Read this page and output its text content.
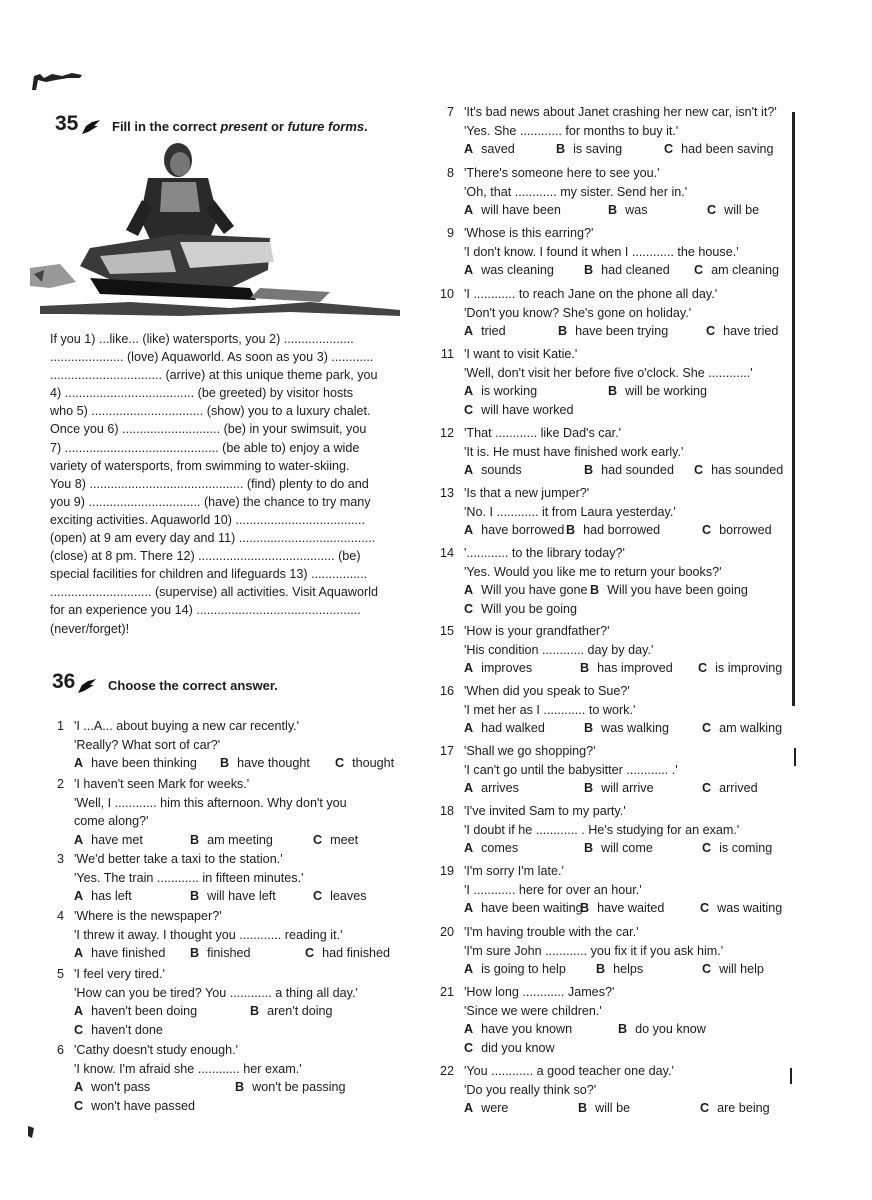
35	Fill in the correct present or future forms.
If you 1) ...like... (like) watersports, you 2) ....................
..................... (love) Aquaworld. As soon as you 3) ............
................................ (arrive) at this unique theme park, you
4) ..................................... (be greeted) by visitor hosts
who 5) ................................ (show) you to a luxury chalet.
Once you 6) ............................ (be) in your swimsuit, you
7) ............................................ (be able to) enjoy a wide
variety of watersports, from swimming to water-skiing.
You 8) ............................................ (find) plenty to do and
you 9) ................................ (have) the chance to try many
exciting activities. Aquaworld 10) .....................................
(open) at 9 am every day and 11) .......................................
(close) at 8 pm. There 12) ....................................... (be)
special facilities for children and lifeguards 13) ................
............................. (supervise) all activities. Visit Aquaworld
for an experience you 14) ...............................................
(never/forget)!
36	Choose the correct answer.
1 'I ...A... about buying a new car recently.'
'Really? What sort of car?'
A have been thinking B have thought C thought
2 'I haven't seen Mark for weeks.'
'Well, I ............ him this afternoon. Why don't you
come along?'
A have met	B am meeting	C meet
3 'We'd better take a taxi to the station.'
'Yes. The train ............ in fifteen minutes.'
A has left	B will have left	C leaves
4 'Where is the newspaper?'
'I threw it away. I thought you ............ reading it.'
A have finished B finished	C had finished
5 'I feel very tired.'
'How can you be tired? You ............ a thing all day.'
A haven't been doing	B aren't doing
C haven't done
6 'Cathy doesn't study enough.'
'I know. I'm afraid she ............ her exam.'
A won't pass	B won't be passing
C won't have passed
7 'It's bad news about Janet crashing her new car, isn't it?'
'Yes. She ............ for months to buy it.'
A saved	B is saving	C had been saving
8 'There's someone here to see you.'
'Oh, that ............ my sister. Send her in.'
A will have been	B was	C will be
9 'Whose is this earring?'
'I don't know. I found it when I ............ the house.'
A was cleaning B had cleaned C am cleaning
10 'I ............ to reach Jane on the phone all day.'
'Don't you know? She's gone on holiday.'
A tried	B have been trying	C have tried
11 'I want to visit Katie.'
'Well, don't visit her before five o'clock. She ............'
A is working	B will be working
C will have worked
12 'That ............ like Dad's car.'
'It is. He must have finished work early.'
A sounds	B had sounded C has sounded
13 'Is that a new jumper?'
'No. I ............ it from Laura yesterday.'
A have borrowed B had borrowed	C borrowed
14 '............ to the library today?'
'Yes. Would you like me to return your books?'
A Will you have gone B Will you have been going
C Will you be going
15 'How is your grandfather?'
'His condition ............ day by day.'
A improves	B has improved C is improving
16 'When did you speak to Sue?'
'I met her as I ............ to work.'
A had walked	B was walking	C am walking
17 'Shall we go shopping?'
'I can't go until the babysitter ............ .'
A arrives	B will arrive	C arrived
18 'I've invited Sam to my party.'
'I doubt if he ............ . He's studying for an exam.'
A comes	B will come	C is coming
19 'I'm sorry I'm late.'
'I ............ here for over an hour.'
A have been waiting
B have waited	C was waiting
20 'I'm having trouble with the car.'
'I'm sure John ............ you fix it if you ask him.'
A is going to help B helps	C will help
21 'How long ............ James?'
'Since we were children.'
A have you known	B do you know
C did you know
22 'You ............ a good teacher one day.'
'Do you really think so?'
A were	B will be	C are being
